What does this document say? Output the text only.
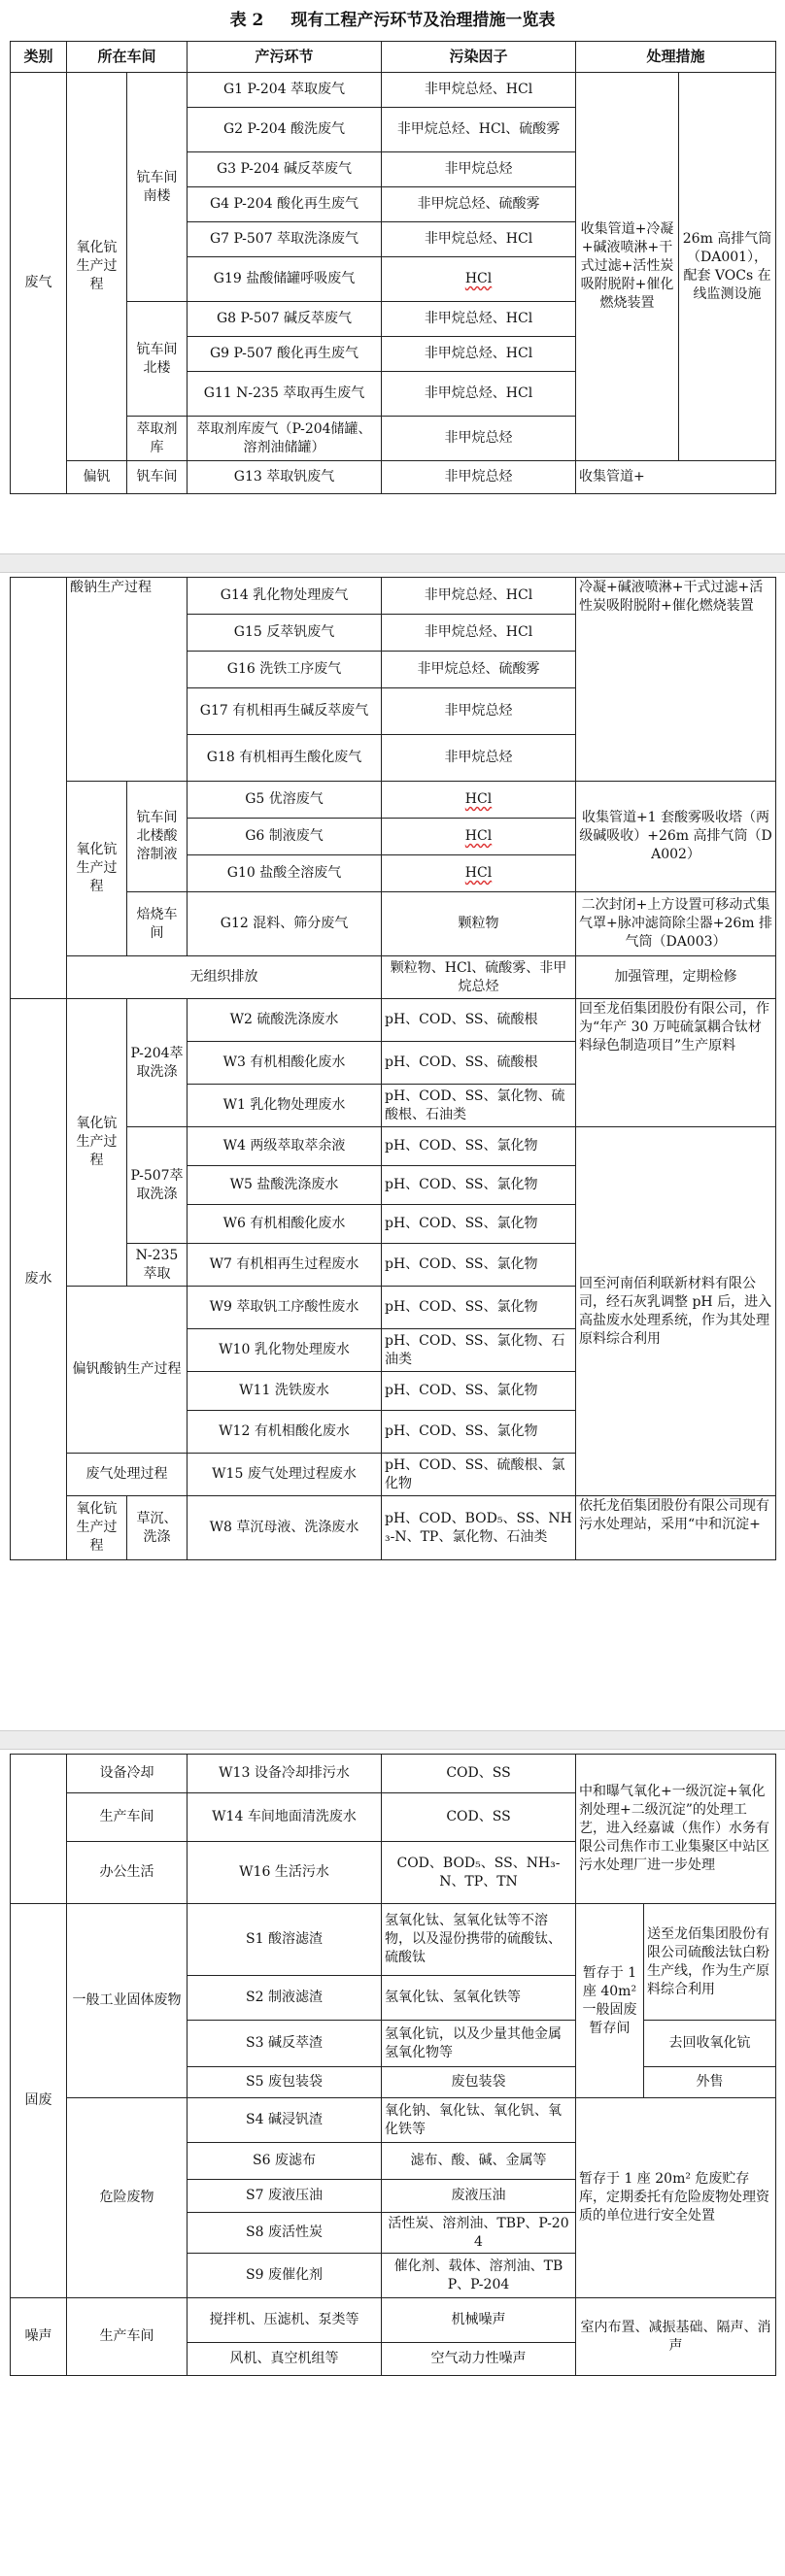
表 2 现有工程产污环节及治理措施一览表
类别	所在车间		产污环节	污染因子	处理措施	
废气	氧化钪生产过程	钪车间南楼	G1 P-204 萃取废气	非甲烷总烃、HCl	收集管道+冷凝+碱液喷淋+干式过滤+活性炭吸附脱附+催化燃烧装置	26m 高排气筒（DA001），配套 VOCs 在线监测设施
			G2 P-204 酸洗废气	非甲烷总烃、HCl、硫酸雾		
			G3 P-204 碱反萃废气	非甲烷总烃		
			G4 P-204 酸化再生废气	非甲烷总烃、硫酸雾		
			G7 P-507 萃取洗涤废气	非甲烷总烃、HCl		
			G19 盐酸储罐呼吸废气	HCl		
		钪车间北楼	G8 P-507 碱反萃废气	非甲烷总烃、HCl		
			G9 P-507 酸化再生废气	非甲烷总烃、HCl		
			G11 N-235 萃取再生废气	非甲烷总烃、HCl		
		萃取剂库	萃取剂库废气（P-204储罐、溶剂油储罐）	非甲烷总烃		
	偏钒	钒车间	G13 萃取钒废气	非甲烷总烃	收集管道+	
	酸钠生产过程		G14 乳化物处理废气	非甲烷总烃、HCl	冷凝+碱液喷淋+干式过滤+活性炭吸附脱附+催化燃烧装置
			G15 反萃钒废气	非甲烷总烃、HCl	
			G16 洗铁工序废气	非甲烷总烃、硫酸雾	
			G17 有机相再生碱反萃废气	非甲烷总烃	
			G18 有机相再生酸化废气	非甲烷总烃	
	氧化钪生产过程	钪车间北楼酸溶制液	G5 优溶废气	HCl	收集管道+1 套酸雾吸收塔（两级碱吸收）+26m 高排气筒（DA002）
			G6 制液废气	HCl	
			G10 盐酸全溶废气	HCl	
		焙烧车间	G12 混料、筛分废气	颗粒物	二次封闭+上方设置可移动式集气罩+脉冲滤筒除尘器+26m 排气筒（DA003）
	无组织排放			颗粒物、HCl、硫酸雾、非甲烷总烃	加强管理，定期检修
废水	氧化钪生产过程	P-204萃取洗涤	W2 硫酸洗涤废水	pH、COD、SS、硫酸根	回至龙佰集团股份有限公司，作为“年产 30 万吨硫氯耦合钛材料绿色制造项目”生产原料
			W3 有机相酸化废水	pH、COD、SS、硫酸根	
			W1 乳化物处理废水	pH、COD、SS、氯化物、硫酸根、石油类	
		P-507萃取洗涤	W4 两级萃取萃余液	pH、COD、SS、氯化物	回至河南佰利联新材料有限公司，经石灰乳调整 pH 后，进入高盐废水处理系统，作为其处理原料综合利用
			W5 盐酸洗涤废水	pH、COD、SS、氯化物	
			W6 有机相酸化废水	pH、COD、SS、氯化物	
		N-235萃取	W7 有机相再生过程废水	pH、COD、SS、氯化物	
	偏钒酸钠生产过程		W9 萃取钒工序酸性废水	pH、COD、SS、氯化物	
			W10 乳化物处理废水	pH、COD、SS、氯化物、石油类	
			W11 洗铁废水	pH、COD、SS、氯化物	
			W12 有机相酸化废水	pH、COD、SS、氯化物	
	废气处理过程		W15 废气处理过程废水	pH、COD、SS、硫酸根、氯化物	
	氧化钪生产过程	草沉、洗涤	W8 草沉母液、洗涤废水	pH、COD、BOD₅、SS、NH₃-N、TP、氯化物、石油类	依托龙佰集团股份有限公司现有污水处理站，采用“中和沉淀+
	设备冷却	W13 设备冷却排污水	COD、SS	中和曝气氧化+一级沉淀+氧化剂处理+二级沉淀”的处理工艺，进入经嘉诚（焦作）水务有限公司焦作市工业集聚区中站区污水处理厂进一步处理	
	生产车间	W14 车间地面清洗废水	COD、SS		
	办公生活	W16 生活污水	COD、BOD₅、SS、NH₃-N、TP、TN		
固废	一般工业固体废物	S1 酸溶滤渣	氢氧化钛、氢氧化钛等不溶物，以及湿份携带的硫酸钛、硫酸钛	暂存于 1 座 40m² 一般固废暂存间	送至龙佰集团股份有限公司硫酸法钛白粉生产线，作为生产原料综合利用
		S2 制液滤渣	氢氧化钛、氢氧化铁等		
		S3 碱反萃渣	氢氧化钪，以及少量其他金属氢氧化物等		去回收氧化钪
		S5 废包装袋	废包装袋		外售
	危险废物	S4 碱浸钒渣	氧化钠、氧化钛、氧化钒、氧化铁等	暂存于 1 座 20m² 危废贮存库，定期委托有危险废物处理资质的单位进行安全处置	
		S6 废滤布	滤布、酸、碱、金属等		
		S7 废液压油	废液压油		
		S8 废活性炭	活性炭、溶剂油、TBP、P-204		
		S9 废催化剂	催化剂、载体、溶剂油、TBP、P-204		
噪声	生产车间	搅拌机、压滤机、泵类等	机械噪声	室内布置、减振基础、隔声、消声	
		风机、真空机组等	空气动力性噪声		
